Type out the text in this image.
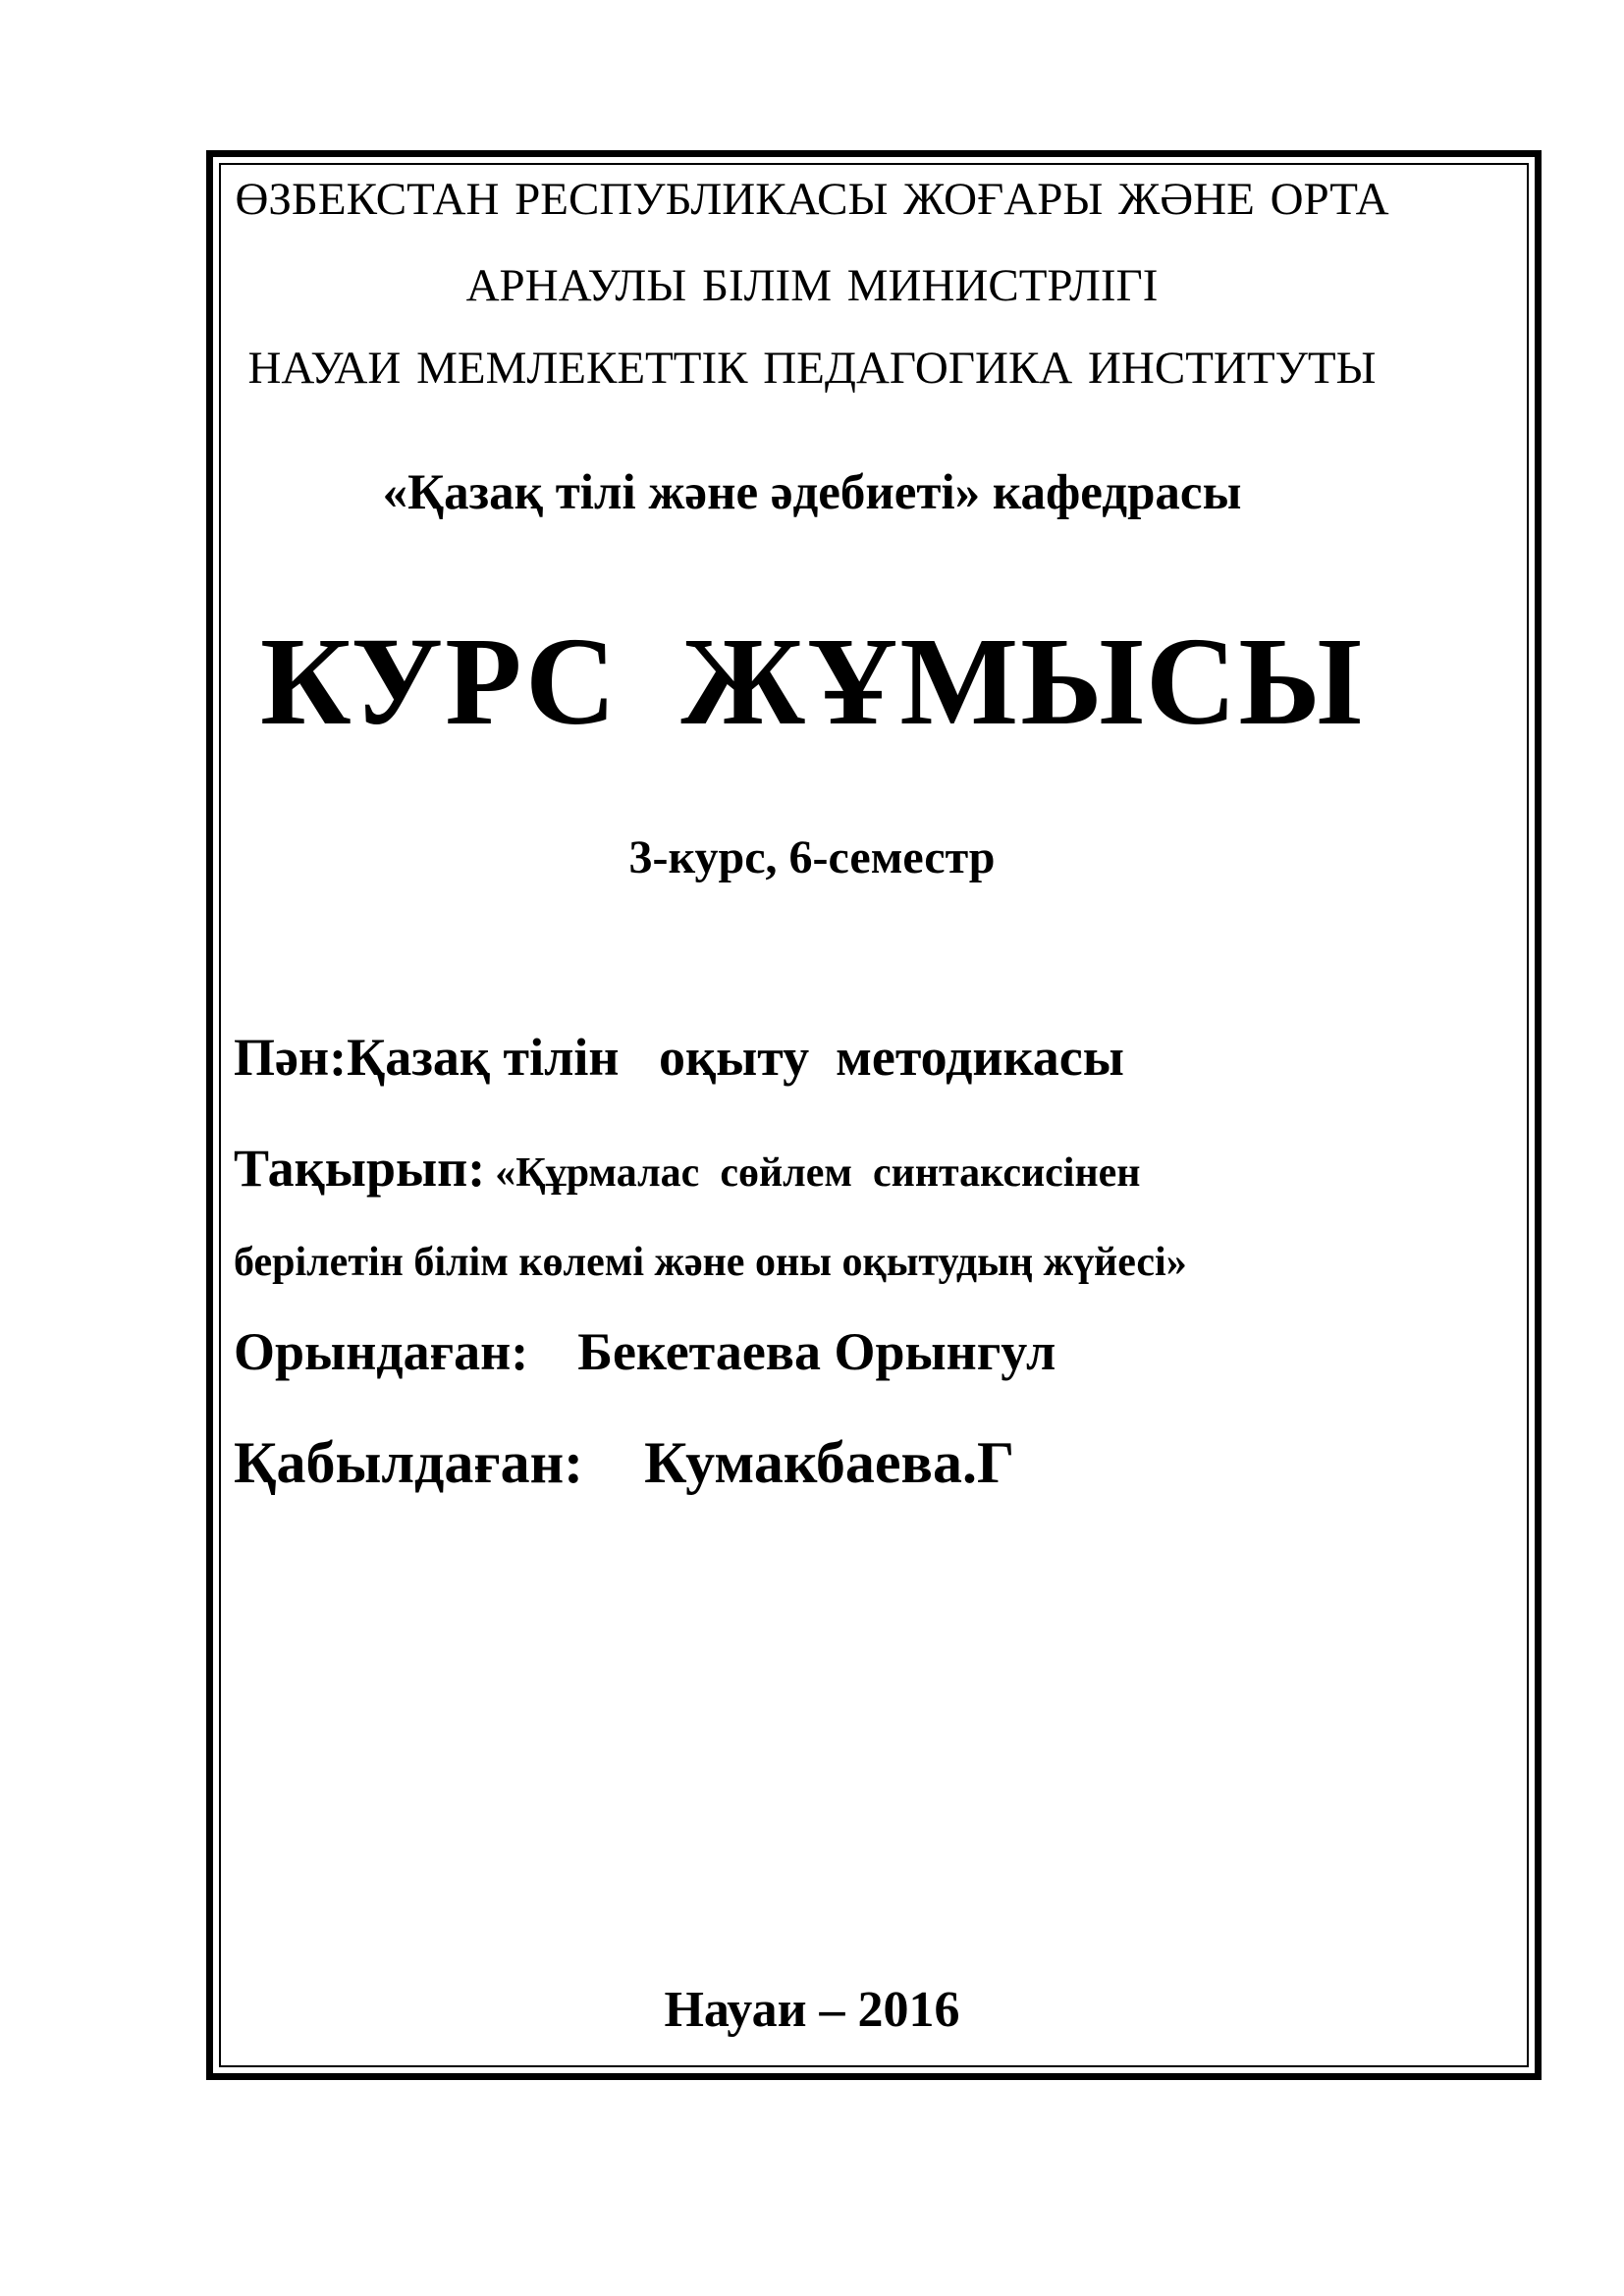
ӨЗБЕКСТАН РЕСПУБЛИКАСЫ ЖОҒАРЫ ЖӘНЕ ОРТА
АРНАУЛЫ БІЛІМ МИНИСТРЛІГІ
НАУАИ МЕМЛЕКЕТТІК ПЕДАГОГИКА ИНСТИТУТЫ
«Қазақ тілі және әдебиеті» кафедрасы
КУРС ЖҰМЫСЫ
3-курс, 6-семестр
Пән:Қазақ тілін   оқыту  методикасы
Тақырып: «Құрмалас  сөйлем  синтаксисінен
берілетін білім көлемі және оны оқытудың жүйесі»
Орындаған: Бекетаева Орынгул
Қабылдаған: Кумакбаева.Г
Науаи – 2016
